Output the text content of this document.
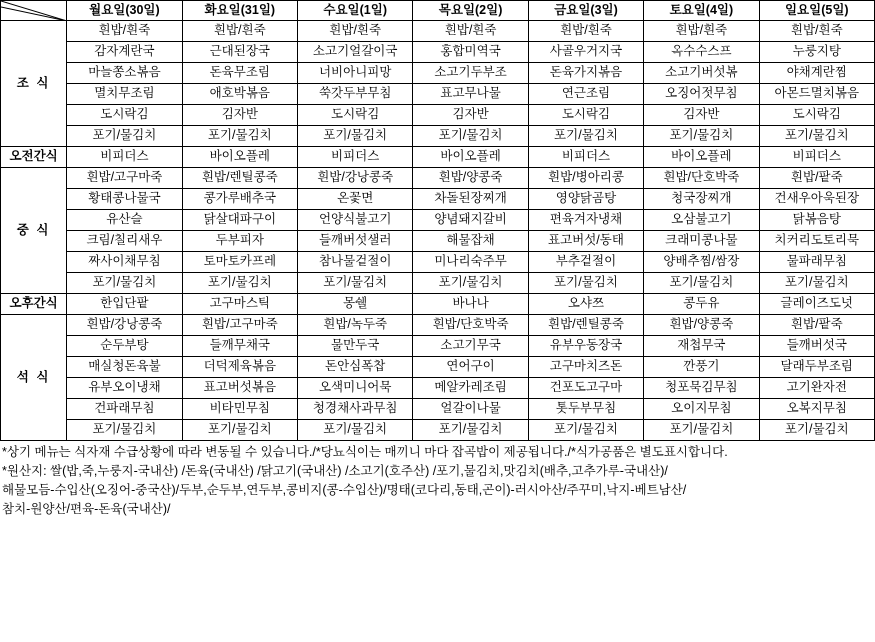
	월요일(30일)	화요일(31일)	수요일(1일)	목요일(2일)	금요일(3일)	토요일(4일)	일요일(5일)
조 식	흰밥/흰죽	흰밥/흰죽	흰밥/흰죽	흰밥/흰죽	흰밥/흰죽	흰밥/흰죽	흰밥/흰죽
	감자계란국	근대된장국	소고기얼갈이국	홍합미역국	사골우거지국	옥수수스프	누룽지탕
	마늘쫑소볶음	돈육무조림	너비아니피망	소고기두부조	돈육가지볶음	소고기버섯볶	야채계란찜
	멸치무조림	애호박볶음	쑥갓두부무침	표고무나물	연근조림	오징어젓무침	아몬드멸치볶음
	도시락김	김자반	도시락김	김자반	도시락김	김자반	도시락김
	포기/물김치	포기/물김치	포기/물김치	포기/물김치	포기/물김치	포기/물김치	포기/물김치
오전간식	비피더스	바이오플레	비피더스	바이오플레	비피더스	바이오플레	비피더스
중 식	흰밥/고구마죽	흰밥/렌틸콩죽	흰밥/강낭콩죽	흰밥/양콩죽	흰밥/병아리콩	흰밥/단호박죽	흰밥/팥죽
	황태콩나물국	콩가루배추국	온꽃면	차돌된장찌개	영양닭곰탕	청국장찌개	건새우아욱된장
	유산슬	닭살대파구이	언양식불고기	양념돼지갈비	편육겨자냉채	오삼불고기	닭볶음탕
	크림/칠리새우	두부피자	들깨버섯샐러	해물잡채	표고버섯/동태	크래미콩나물	치커리도토리묵
	짜사이채무침	토마토카프레	참나물겉절이	미나리숙주무	부추겉절이	양배추찜/쌈장	물파래무침
	포기/물김치	포기/물김치	포기/물김치	포기/물김치	포기/물김치	포기/물김치	포기/물김치
오후간식	한입단팥	고구마스틱	몽쉘	바나나	오샤쯔	콩두유	글레이즈도넛
석 식	흰밥/강낭콩죽	흰밥/고구마죽	흰밥/녹두죽	흰밥/단호박죽	흰밥/렌틸콩죽	흰밥/양콩죽	흰밥/팥죽
	순두부탕	들깨무채국	물만두국	소고기무국	유부우동장국	재첩무국	들깨버섯국
	매실청돈육불	더덕제육볶음	돈안심폭찹	연어구이	고구마치즈돈	깐풍기	달래두부조림
	유부오이냉채	표고버섯볶음	오색미니어묵	메알카레조림	건포도고구마	청포묵김무침	고기완자전
	건파래무침	비타민무침	청경채사과무침	얼갈이나물	톳두부무침	오이지무침	오복지무침
	포기/물김치	포기/물김치	포기/물김치	포기/물김치	포기/물김치	포기/물김치	포기/물김치
*상기 메뉴는 식자재 수급상황에 따라 변동될 수 있습니다./*당뇨식이는 매끼니 마다 잡곡밥이 제공됩니다./*식가공품은 별도표시합니다.
*원산지: 쌀(밥,죽,누룽지-국내산) /돈육(국내산) /닭고기(국내산) /소고기(호주산) /포기,물김치,맛김치(배추,고추가루-국내산)/
해물모듬-수입산(오징어-중국산)/두부,순두부,연두부,콩비지(콩-수입산)/명태(코다리,동태,곤이)-러시아산/주꾸미,낙지-베트남산/
참치-원양산/편육-돈육(국내산)/
